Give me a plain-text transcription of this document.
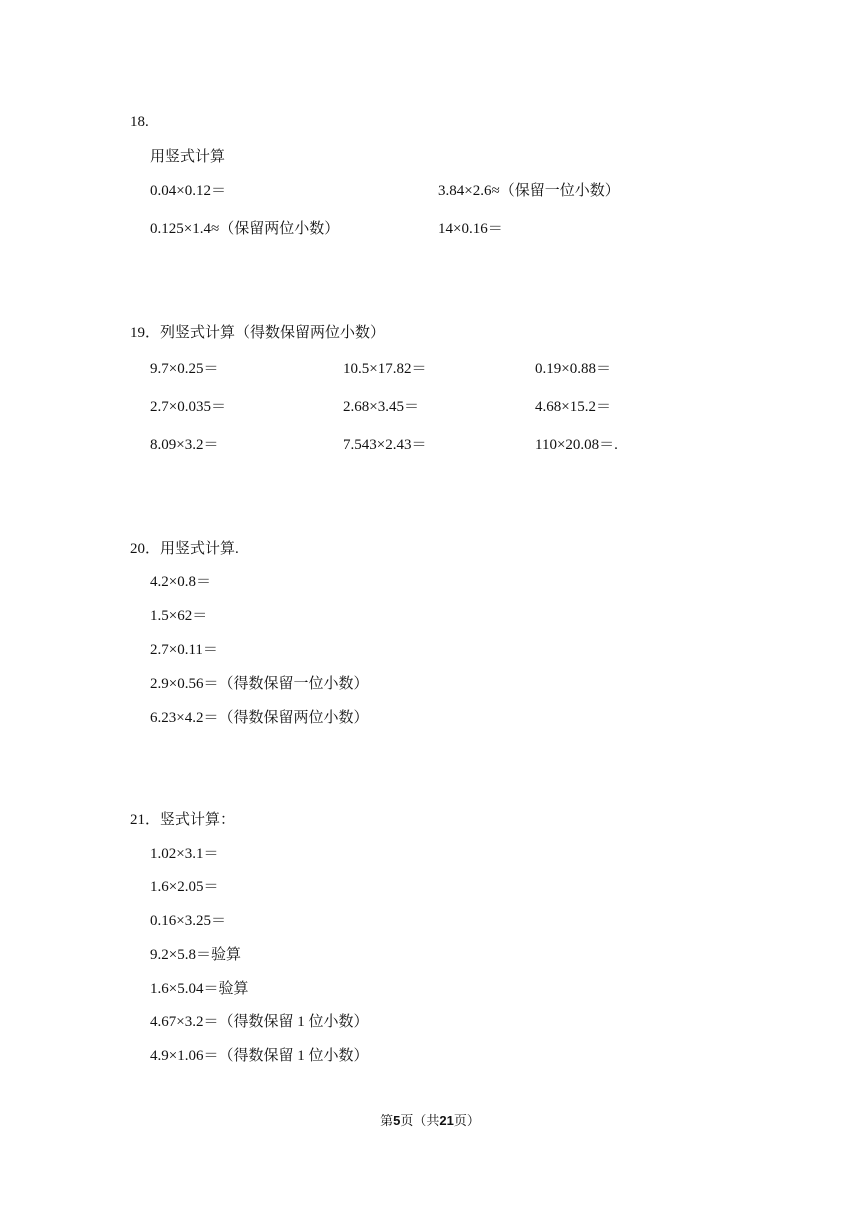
18.
用竖式计算
0.04×0.12＝	3.84×2.6≈（保留一位小数）
0.125×1.4≈（保留两位小数）	14×0.16＝
19．列竖式计算（得数保留两位小数）
9.7×0.25＝	10.5×17.82＝	0.19×0.88＝
2.7×0.035＝	2.68×3.45＝	4.68×15.2＝
8.09×3.2＝	7.543×2.43＝	110×20.08＝.
20．用竖式计算.
4.2×0.8＝
1.5×62＝
2.7×0.11＝
2.9×0.56＝（得数保留一位小数）
6.23×4.2＝（得数保留两位小数）
21．竖式计算：
1.02×3.1＝
1.6×2.05＝
0.16×3.25＝
9.2×5.8＝验算
1.6×5.04＝验算
4.67×3.2＝（得数保留 1 位小数）
4.9×1.06＝（得数保留 1 位小数）
第5页（共21页）
